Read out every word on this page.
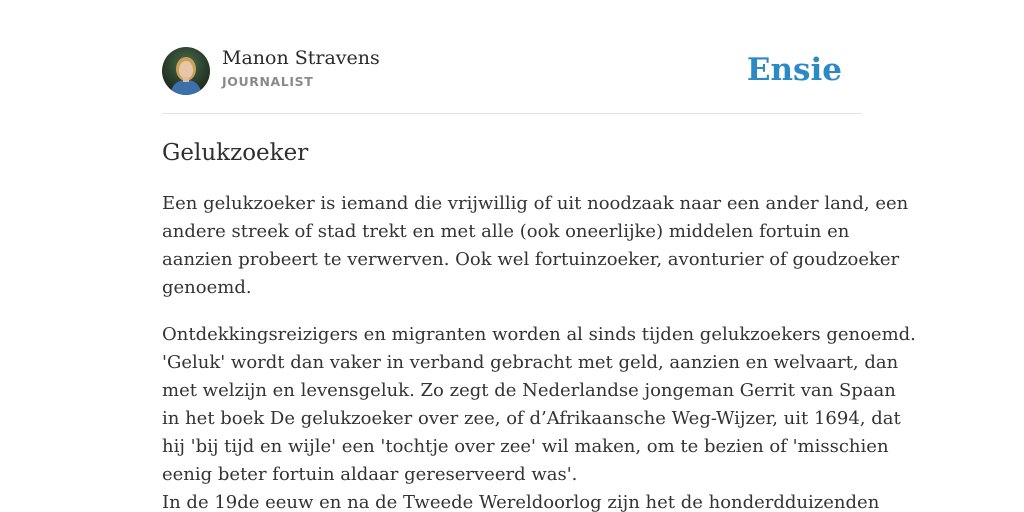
Manon Stravens
JOURNALIST	Ensie
Gelukzoeker

Een gelukzoeker is iemand die vrijwillig of uit noodzaak naar een ander land, een
andere streek of stad trekt en met alle (ook oneerlijke) middelen fortuin en
aanzien probeert te verwerven. Ook wel fortuinzoeker, avonturier of goudzoeker
genoemd.

Ontdekkingsreizigers en migranten worden al sinds tijden gelukzoekers genoemd.
'Geluk' wordt dan vaker in verband gebracht met geld, aanzien en welvaart, dan
met welzijn en levensgeluk. Zo zegt de Nederlandse jongeman Gerrit van Spaan
in het boek De gelukzoeker over zee, of d’Afrikaansche Weg-Wijzer, uit 1694, dat
hij 'bij tijd en wijle' een 'tochtje over zee' wil maken, om te bezien of 'misschien
eenig beter fortuin aldaar gereserveerd was'.
In de 19de eeuw en na de Tweede Wereldoorlog zijn het de honderdduizenden
